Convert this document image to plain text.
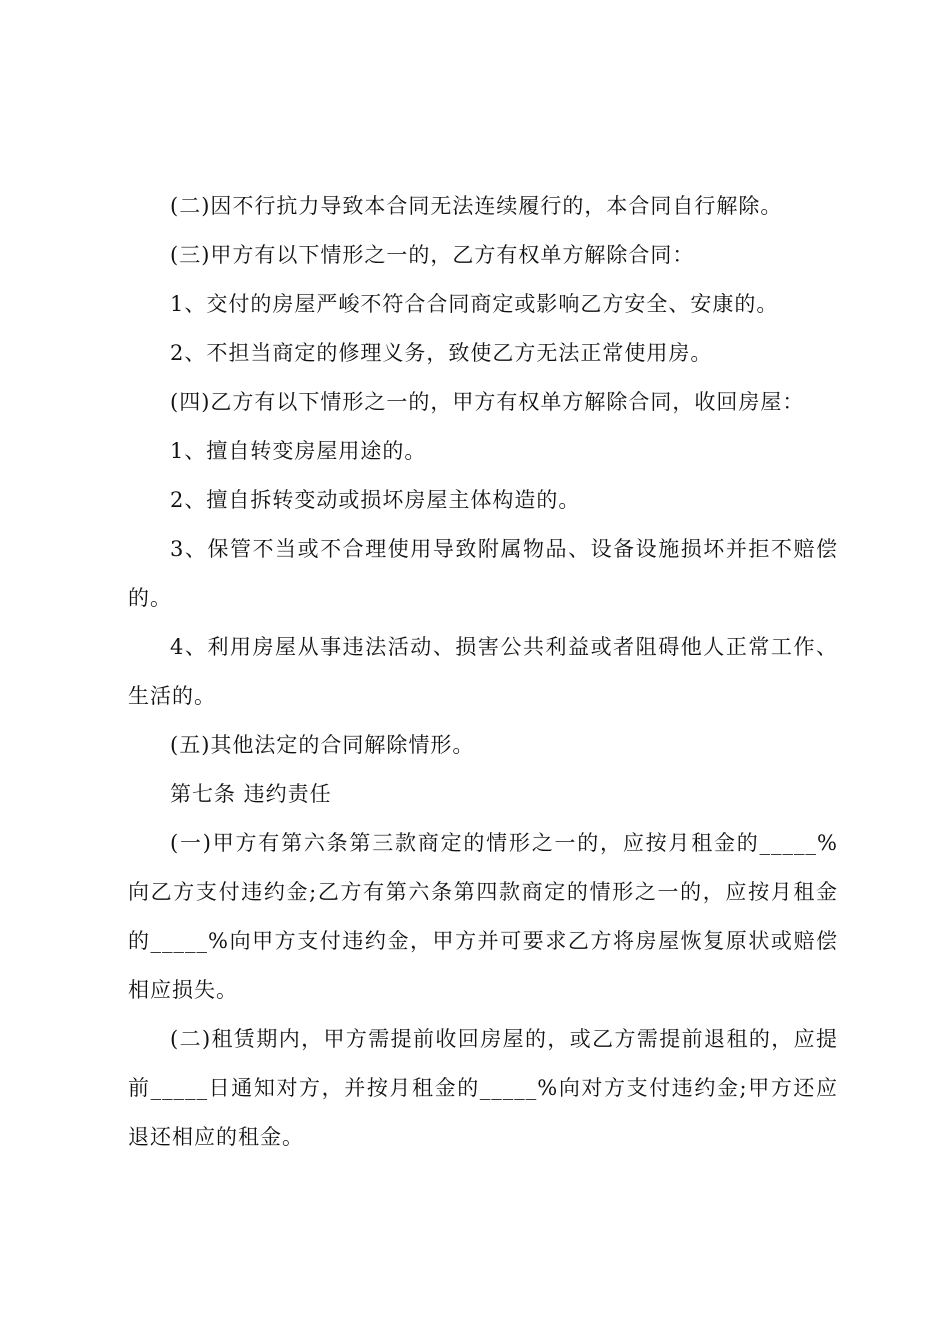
(二)因不行抗力导致本合同无法连续履行的，本合同自行解除。

(三)甲方有以下情形之一的，乙方有权单方解除合同：

1、交付的房屋严峻不符合合同商定或影响乙方安全、安康的。

2、不担当商定的修理义务，致使乙方无法正常使用房。

(四)乙方有以下情形之一的，甲方有权单方解除合同，收回房屋：

1、擅自转变房屋用途的。

2、擅自拆转变动或损坏房屋主体构造的。

3、保管不当或不合理使用导致附属物品、设备设施损坏并拒不赔偿的。

4、利用房屋从事违法活动、损害公共利益或者阻碍他人正常工作、生活的。

(五)其他法定的合同解除情形。

第七条 违约责任

(一)甲方有第六条第三款商定的情形之一的，应按月租金的_____%向乙方支付违约金;乙方有第六条第四款商定的情形之一的，应按月租金的_____%向甲方支付违约金，甲方并可要求乙方将房屋恢复原状或赔偿相应损失。

(二)租赁期内，甲方需提前收回房屋的，或乙方需提前退租的，应提前_____日通知对方，并按月租金的_____%向对方支付违约金;甲方还应退还相应的租金。
